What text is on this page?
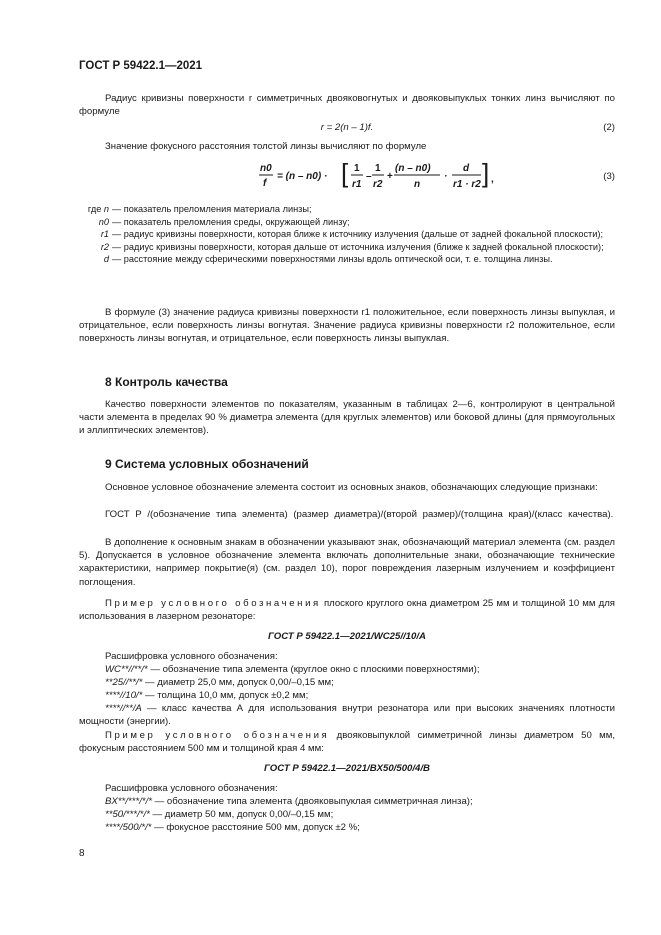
ГОСТ Р 59422.1—2021
Радиус кривизны поверхности r симметричных двояковогнутых и двояковыпуклых тонких линз вычисляют по формуле
r = 2(n – 1)f.	(2)
Значение фокусного расстояния толстой линзы вычисляют по формуле
n0
f
= (n – n0) · [ 1
r1
–
1
r2
+
(n – n0)
n
·
d
r1 · r2 ] ,	(3)
где n — показатель преломления материала линзы;
n0 — показатель преломления среды, окружающей линзу;
r1 — радиус кривизны поверхности, которая ближе к источнику излучения (дальше от задней фокальной плоскости);
r2 — радиус кривизны поверхности, которая дальше от источника излучения (ближе к задней фокальной плоскости);
d — расстояние между сферическими поверхностями линзы вдоль оптической оси, т. е. толщина линзы.
В формуле (3) значение радиуса кривизны поверхности r1 положительное, если поверхность линзы выпуклая, и отрицательное, если поверхность линзы вогнутая. Значение радиуса кривизны поверхности r2 положительное, если поверхность линзы вогнутая, и отрицательное, если поверхность линзы выпуклая.
8 Контроль качества
Качество поверхности элементов по показателям, указанным в таблицах 2—6, контролируют в центральной части элемента в пределах 90 % диаметра элемента (для круглых элементов) или боковой длины (для прямоугольных и эллиптических элементов).
9 Система условных обозначений
Основное условное обозначение элемента состоит из основных знаков, обозначающих следующие признаки:
ГОСТ Р /(обозначение типа элемента) (размер диаметра)/(второй размер)/(толщина края)/(класс качества).
В дополнение к основным знакам в обозначении указывают знак, обозначающий материал элемента (см. раздел 5). Допускается в условное обозначение элемента включать дополнительные знаки, обозначающие технические характеристики, например покрытие(я) (см. раздел 10), порог повреждения лазерным излучением и коэффициент поглощения.
Пример условного обозначения плоского круглого окна диаметром 25 мм и толщиной 10 мм для использования в лазерном резонаторе:
ГОСТ Р 59422.1—2021/WC25//10/A
Расшифровка условного обозначения:
WC**//**/* — обозначение типа элемента (круглое окно с плоскими поверхностями);
**25//**/* — диаметр 25,0 мм, допуск 0,00/–0,15 мм;
****//10/* — толщина 10,0 мм, допуск ±0,2 мм;
****//**/A — класс качества А для использования внутри резонатора или при высоких значениях плотности мощности (энергии).
Пример условного обозначения двояковыпуклой симметричной линзы диаметром 50 мм, фокусным расстоянием 500 мм и толщиной края 4 мм:
ГОСТ Р 59422.1—2021/BX50/500/4/B
Расшифровка условного обозначения:
BX**/***/*/* — обозначение типа элемента (двояковыпуклая симметричная линза);
**50/***/*/* — диаметр 50 мм, допуск 0,00/–0,15 мм;
****/500/*/* — фокусное расстояние 500 мм, допуск ±2 %;
8
